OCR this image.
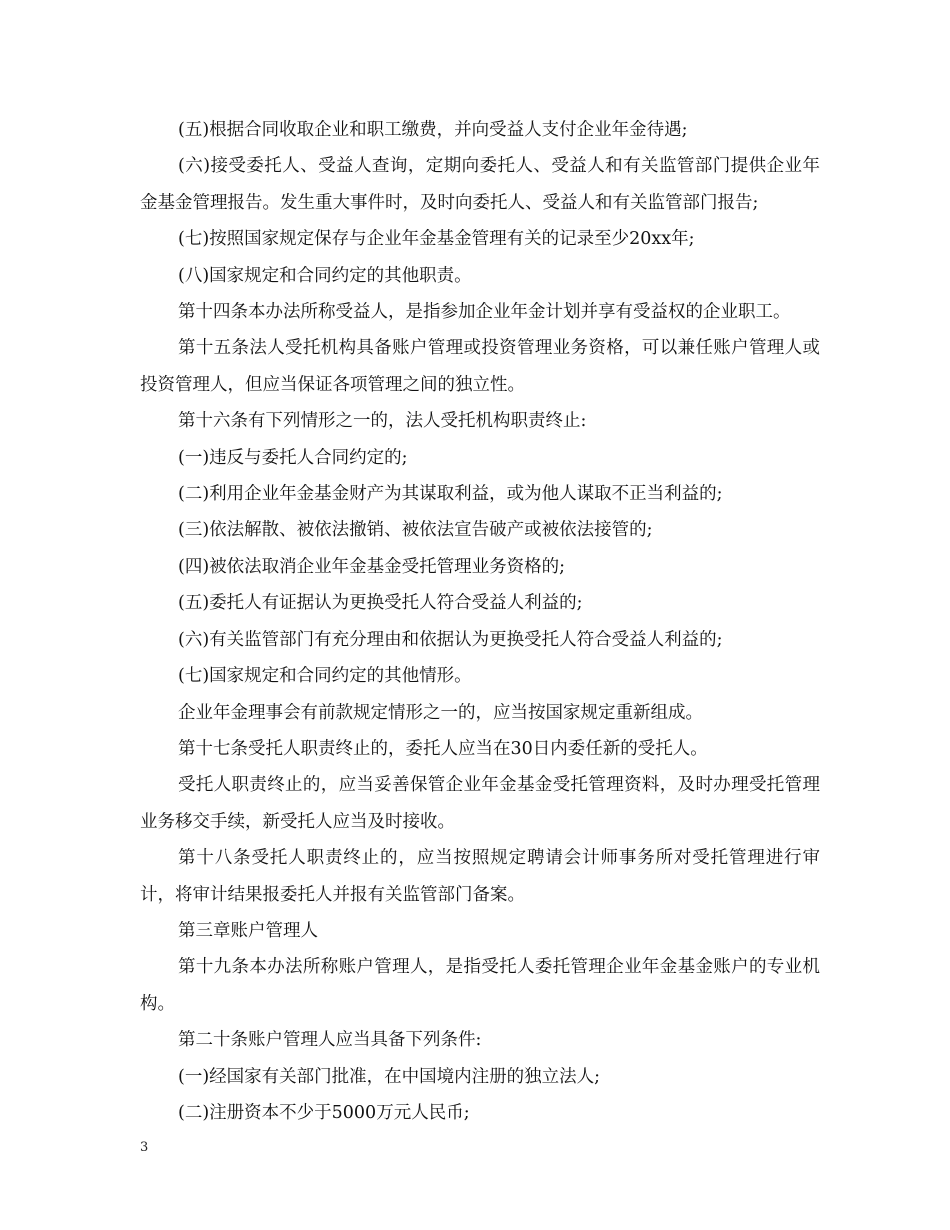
(五)根据合同收取企业和职工缴费，并向受益人支付企业年金待遇;

(六)接受委托人、受益人查询，定期向委托人、受益人和有关监管部门提供企业年金基金管理报告。发生重大事件时，及时向委托人、受益人和有关监管部门报告;

(七)按照国家规定保存与企业年金基金管理有关的记录至少20xx年;

(八)国家规定和合同约定的其他职责。

第十四条本办法所称受益人，是指参加企业年金计划并享有受益权的企业职工。

第十五条法人受托机构具备账户管理或投资管理业务资格，可以兼任账户管理人或投资管理人，但应当保证各项管理之间的独立性。

第十六条有下列情形之一的，法人受托机构职责终止:

(一)违反与委托人合同约定的;

(二)利用企业年金基金财产为其谋取利益，或为他人谋取不正当利益的;

(三)依法解散、被依法撤销、被依法宣告破产或被依法接管的;

(四)被依法取消企业年金基金受托管理业务资格的;

(五)委托人有证据认为更换受托人符合受益人利益的;

(六)有关监管部门有充分理由和依据认为更换受托人符合受益人利益的;

(七)国家规定和合同约定的其他情形。

企业年金理事会有前款规定情形之一的，应当按国家规定重新组成。

第十七条受托人职责终止的，委托人应当在30日内委任新的受托人。

受托人职责终止的，应当妥善保管企业年金基金受托管理资料，及时办理受托管理业务移交手续，新受托人应当及时接收。

第十八条受托人职责终止的，应当按照规定聘请会计师事务所对受托管理进行审计，将审计结果报委托人并报有关监管部门备案。

第三章账户管理人

第十九条本办法所称账户管理人，是指受托人委托管理企业年金基金账户的专业机构。

第二十条账户管理人应当具备下列条件:

(一)经国家有关部门批准，在中国境内注册的独立法人;

(二)注册资本不少于5000万元人民币;

3
